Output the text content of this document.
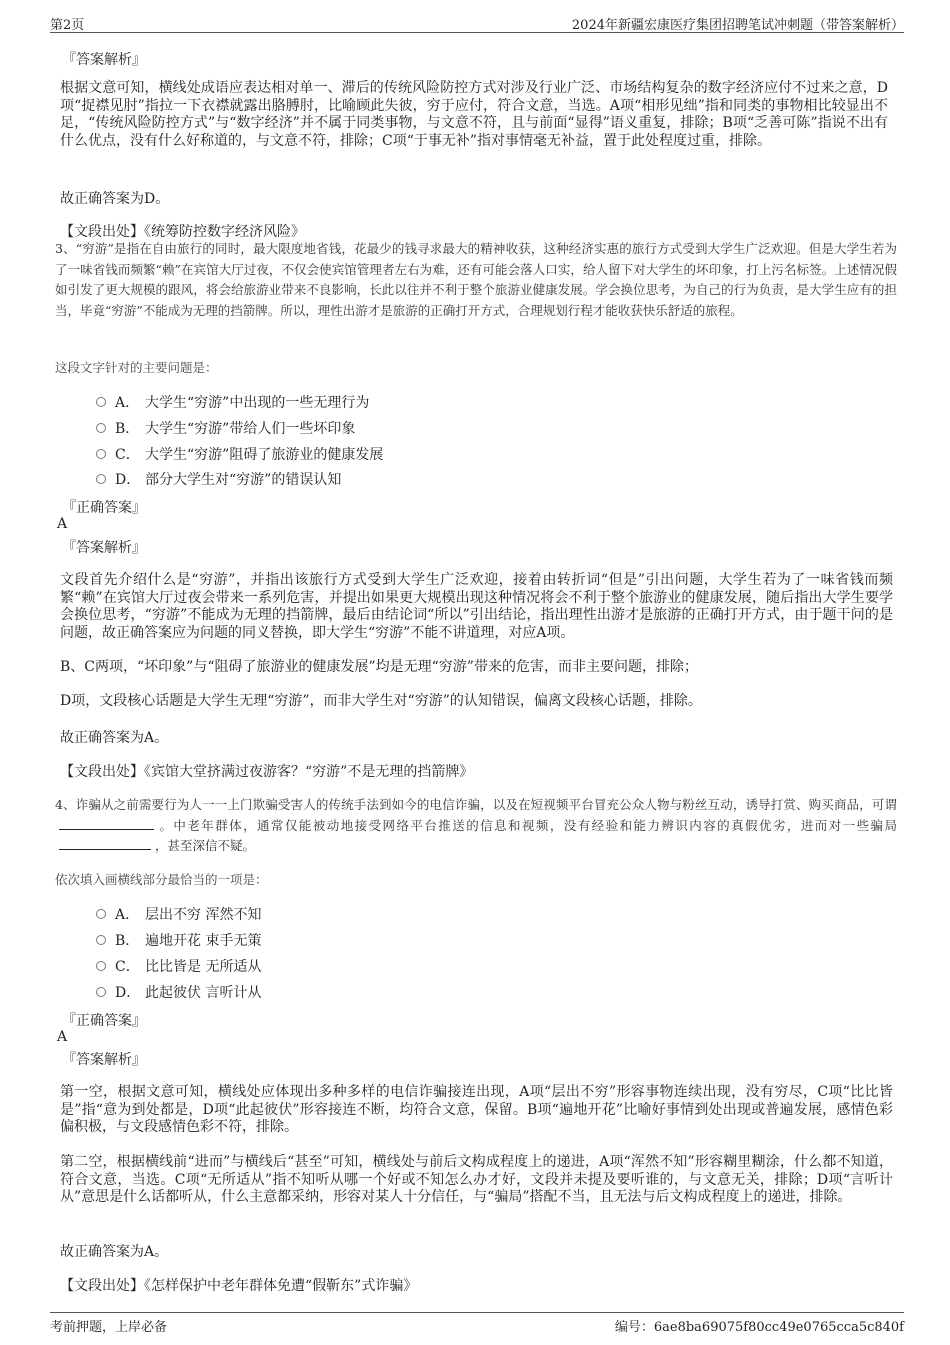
第2页	2024年新疆宏康医疗集团招聘笔试冲刺题（带答案解析）
『答案解析』
根据文意可知，横线处成语应表达相对单一、滞后的传统风险防控方式对涉及行业广泛、市场结构复杂的数字经济应付不过来之意，D项“捉襟见肘”指拉一下衣襟就露出胳膊肘，比喻顾此失彼，穷于应付，符合文意，当选。A项“相形见绌”指和同类的事物相比较显出不足，“传统风险防控方式”与“数字经济”并不属于同类事物，与文意不符，且与前面“显得”语义重复，排除；B项“乏善可陈”指说不出有什么优点，没有什么好称道的，与文意不符，排除；C项“于事无补”指对事情毫无补益，置于此处程度过重，排除。
故正确答案为D。
【文段出处】《统筹防控数字经济风险》
3、“穷游”是指在自由旅行的同时，最大限度地省钱，花最少的钱寻求最大的精神收获，这种经济实惠的旅行方式受到大学生广泛欢迎。但是大学生若为了一味省钱而频繁“赖”在宾馆大厅过夜，不仅会使宾馆管理者左右为难，还有可能会落人口实，给人留下对大学生的坏印象，打上污名标签。上述情况假如引发了更大规模的跟风，将会给旅游业带来不良影响，长此以往并不利于整个旅游业健康发展。学会换位思考，为自己的行为负责，是大学生应有的担当，毕竟“穷游”不能成为无理的挡箭牌。所以，理性出游才是旅游的正确打开方式，合理规划行程才能收获快乐舒适的旅程。
这段文字针对的主要问题是：
A． 大学生“穷游”中出现的一些无理行为
B． 大学生“穷游”带给人们一些坏印象
C． 大学生“穷游”阻碍了旅游业的健康发展
D． 部分大学生对“穷游”的错误认知
『正确答案』
A
『答案解析』
文段首先介绍什么是“穷游”，并指出该旅行方式受到大学生广泛欢迎，接着由转折词“但是”引出问题，大学生若为了一味省钱而频繁“赖”在宾馆大厅过夜会带来一系列危害，并提出如果更大规模出现这种情况将会不利于整个旅游业的健康发展，随后指出大学生要学会换位思考，“穷游”不能成为无理的挡箭牌，最后由结论词“所以”引出结论，指出理性出游才是旅游的正确打开方式，由于题干问的是问题，故正确答案应为问题的同义替换，即大学生“穷游”不能不讲道理，对应A项。
B、C两项，“坏印象”与“阻碍了旅游业的健康发展”均是无理“穷游”带来的危害，而非主要问题，排除；
D项，文段核心话题是大学生无理“穷游”，而非大学生对“穷游”的认知错误，偏离文段核心话题，排除。
故正确答案为A。
【文段出处】《宾馆大堂挤满过夜游客？“穷游”不是无理的挡箭牌》
4、诈骗从之前需要行为人一一上门欺骗受害人的传统手法到如今的电信诈骗，以及在短视频平台冒充公众人物与粉丝互动，诱导打赏、购买商品，可谓。中老年群体，通常仅能被动地接受网络平台推送的信息和视频，没有经验和能力辨识内容的真假优劣，进而对一些骗局，甚至深信不疑。
依次填入画横线部分最恰当的一项是：
A． 层出不穷 浑然不知
B． 遍地开花 束手无策
C． 比比皆是 无所适从
D． 此起彼伏 言听计从
『正确答案』
A
『答案解析』
第一空，根据文意可知，横线处应体现出多种多样的电信诈骗接连出现，A项“层出不穷”形容事物连续出现，没有穷尽，C项“比比皆是”指“意为到处都是，D项“此起彼伏”形容接连不断，均符合文意，保留。B项“遍地开花”比喻好事情到处出现或普遍发展，感情色彩偏积极，与文段感情色彩不符，排除。
第二空，根据横线前“进而”与横线后“甚至”可知，横线处与前后文构成程度上的递进，A项“浑然不知”形容糊里糊涂，什么都不知道，符合文意，当选。C项“无所适从”指不知听从哪一个好或不知怎么办才好，文段并未提及要听谁的，与文意无关，排除；D项“言听计从”意思是什么话都听从，什么主意都采纳，形容对某人十分信任，与“骗局”搭配不当，且无法与后文构成程度上的递进，排除。
故正确答案为A。
【文段出处】《怎样保护中老年群体免遭“假靳东”式诈骗》
考前押题，上岸必备	编号：6ae8ba69075f80cc49e0765cca5c840f
